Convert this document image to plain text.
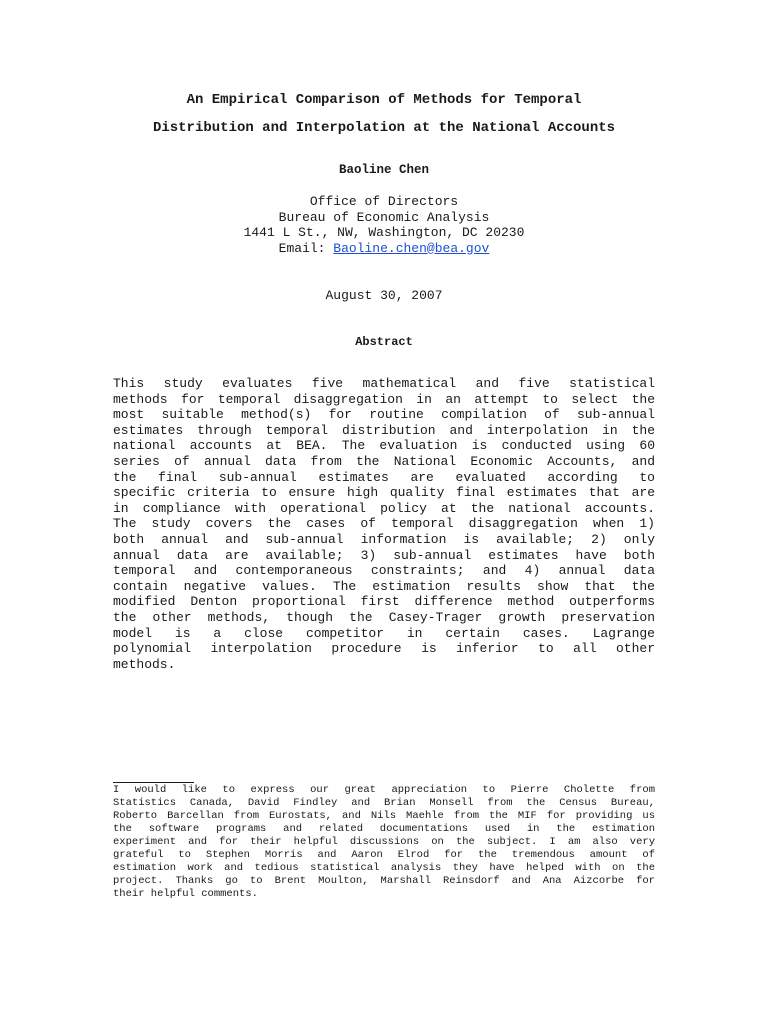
An Empirical Comparison of Methods for Temporal
Distribution and Interpolation at the National Accounts
Baoline Chen
Office of Directors
Bureau of Economic Analysis
1441 L St., NW, Washington, DC 20230
Email: Baoline.chen@bea.gov
August 30, 2007
Abstract
This study evaluates five mathematical and five statistical
methods for temporal disaggregation in an attempt to select the
most suitable method(s) for routine compilation of sub-annual
estimates through temporal distribution and interpolation in the
national accounts at BEA. The evaluation is conducted using 60
series of annual data from the National Economic Accounts, and
the final sub-annual estimates are evaluated according to
specific criteria to ensure high quality final estimates that are
in compliance with operational policy at the national accounts.
The study covers the cases of temporal disaggregation when 1)
both annual and sub-annual information is available; 2) only
annual data are available; 3) sub-annual estimates have both
temporal and contemporaneous constraints; and 4) annual data
contain negative values. The estimation results show that the
modified Denton proportional first difference method outperforms
the other methods, though the Casey-Trager growth preservation
model is a close competitor in certain cases. Lagrange
polynomial interpolation procedure is inferior to all other
methods.
I would like to express our great appreciation to Pierre Cholette from
Statistics Canada, David Findley and Brian Monsell from the Census Bureau,
Roberto Barcellan from Eurostats, and Nils Maehle from the MIF for providing us
the software programs and related documentations used in the estimation
experiment and for their helpful discussions on the subject. I am also very
grateful to Stephen Morris and Aaron Elrod for the tremendous amount of
estimation work and tedious statistical analysis they have helped with on the
project. Thanks go to Brent Moulton, Marshall Reinsdorf and Ana Aizcorbe for
their helpful comments.
